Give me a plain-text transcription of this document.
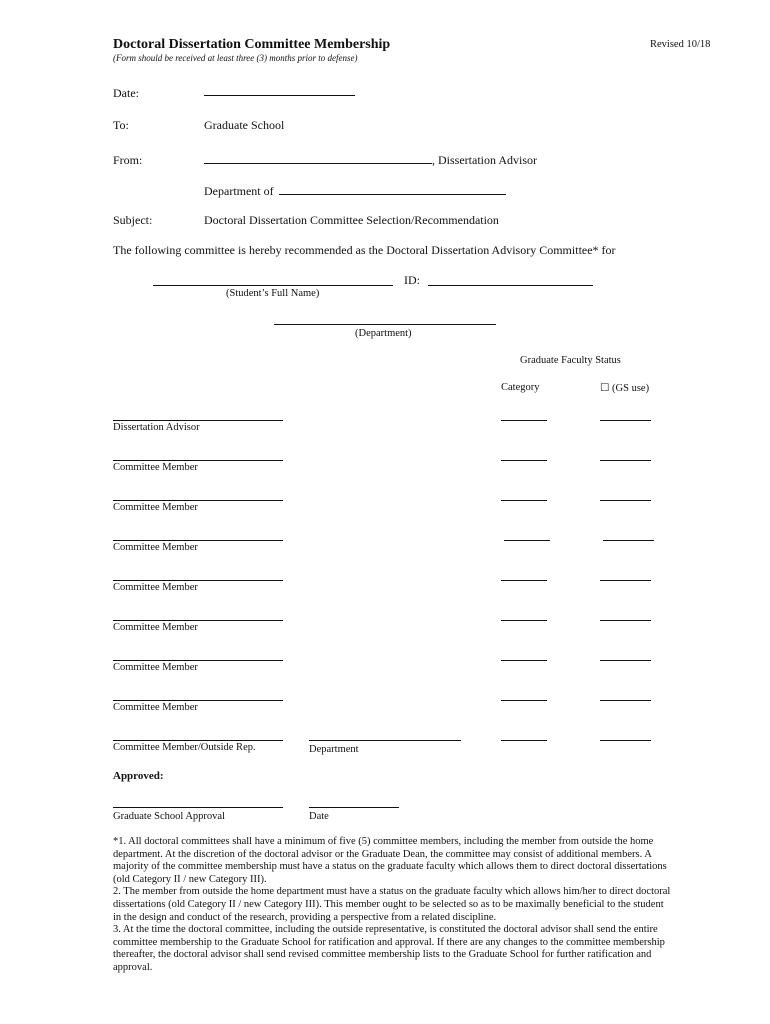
Doctoral Dissertation Committee Membership
(Form should be received at least three (3) months prior to defense)
Revised 10/18
Date:
To:	Graduate School
From:	, Dissertation Advisor
Department of
Subject:	Doctoral Dissertation Committee Selection/Recommendation
The following committee is hereby recommended as the Doctoral Dissertation Advisory Committee* for
ID:
(Student’s Full Name)
(Department)
Graduate Faculty Status
Category	☐ (GS use)
Dissertation Advisor
Committee Member
Committee Member
Committee Member
Committee Member
Committee Member
Committee Member
Committee Member
Committee Member/Outside Rep.	Department
Approved:
Graduate School Approval	Date

*1. All doctoral committees shall have a minimum of five (5) committee members, including the member from outside the home department. At the discretion of the doctoral advisor or the Graduate Dean, the committee may consist of additional members. A majority of the committee membership must have a status on the graduate faculty which allows them to direct doctoral dissertations (old Category II / new Category III).

2. The member from outside the home department must have a status on the graduate faculty which allows him/her to direct doctoral dissertations (old Category II / new Category III). This member ought to be selected so as to be maximally beneficial to the student in the design and conduct of the research, providing a perspective from a related discipline.

3. At the time the doctoral committee, including the outside representative, is constituted the doctoral advisor shall send the entire committee membership to the Graduate School for ratification and approval. If there are any changes to the committee membership thereafter, the doctoral advisor shall send revised committee membership lists to the Graduate School for further ratification and approval.
